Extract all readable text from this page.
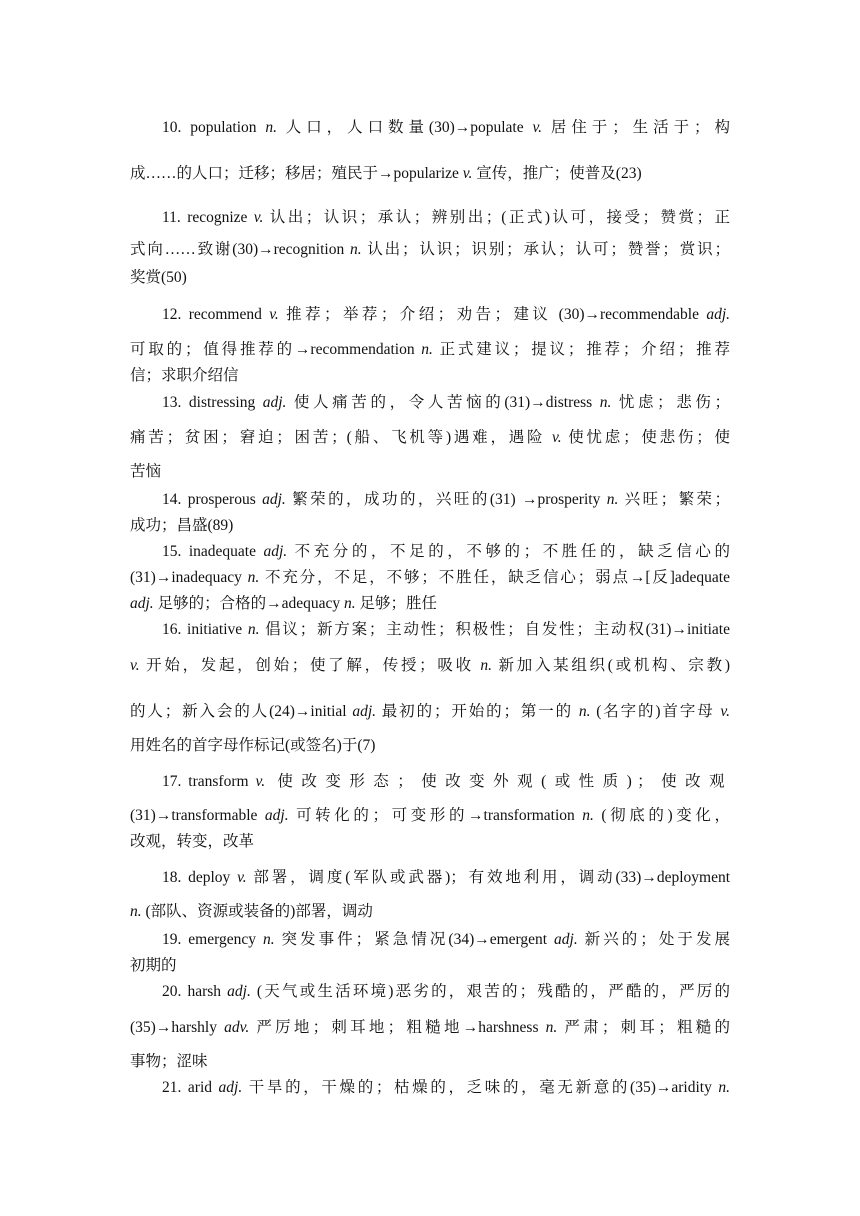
10. population n. 人口，人口数量(30)→populate v. 居住于；生活于；构
成……的人口；迁移；移居；殖民于→popularize v. 宣传，推广；使普及(23)
11. recognize v. 认出；认识；承认；辨别出；(正式)认可，接受；赞赏；正
式向……致谢(30)→recognition n. 认出；认识；识别；承认；认可；赞誉；赏识；
奖赏(50)
12. recommend v. 推荐；举荐；介绍；劝告；建议 (30)→recommendable adj.
可取的；值得推荐的→recommendation n. 正式建议；提议；推荐；介绍；推荐
信；求职介绍信
13. distressing adj. 使人痛苦的，令人苦恼的(31)→distress n. 忧虑；悲伤；
痛苦；贫困；窘迫；困苦；(船、飞机等)遇难，遇险 v. 使忧虑；使悲伤；使
苦恼
14. prosperous adj. 繁荣的，成功的，兴旺的(31) →prosperity n. 兴旺；繁荣；
成功；昌盛(89)
15. inadequate adj. 不充分的，不足的，不够的；不胜任的，缺乏信心的
(31)→inadequacy n. 不充分，不足，不够；不胜任，缺乏信心；弱点→[反]adequate
adj. 足够的；合格的→adequacy n. 足够；胜任
16. initiative n. 倡议；新方案；主动性；积极性；自发性；主动权(31)→initiate
v. 开始，发起，创始；使了解，传授；吸收 n. 新加入某组织(或机构、宗教)
的人；新入会的人(24)→initial adj. 最初的；开始的；第一的 n. (名字的)首字母 v.
用姓名的首字母作标记(或签名)于(7)
17. transform v. 使改变形态；使改变外观(或性质)；使改观
(31)→transformable adj. 可转化的；可变形的→transformation n. (彻底的)变化，
改观，转变，改革
18. deploy v. 部署，调度(军队或武器)；有效地利用，调动(33)→deployment
n. (部队、资源或装备的)部署，调动
19. emergency n. 突发事件；紧急情况(34)→emergent adj. 新兴的；处于发展
初期的
20. harsh adj. (天气或生活环境)恶劣的，艰苦的；残酷的，严酷的，严厉的
(35)→harshly adv. 严厉地；刺耳地；粗糙地→harshness n. 严肃；刺耳；粗糙的
事物；涩味
21. arid adj. 干旱的，干燥的；枯燥的，乏味的，毫无新意的(35)→aridity n.
